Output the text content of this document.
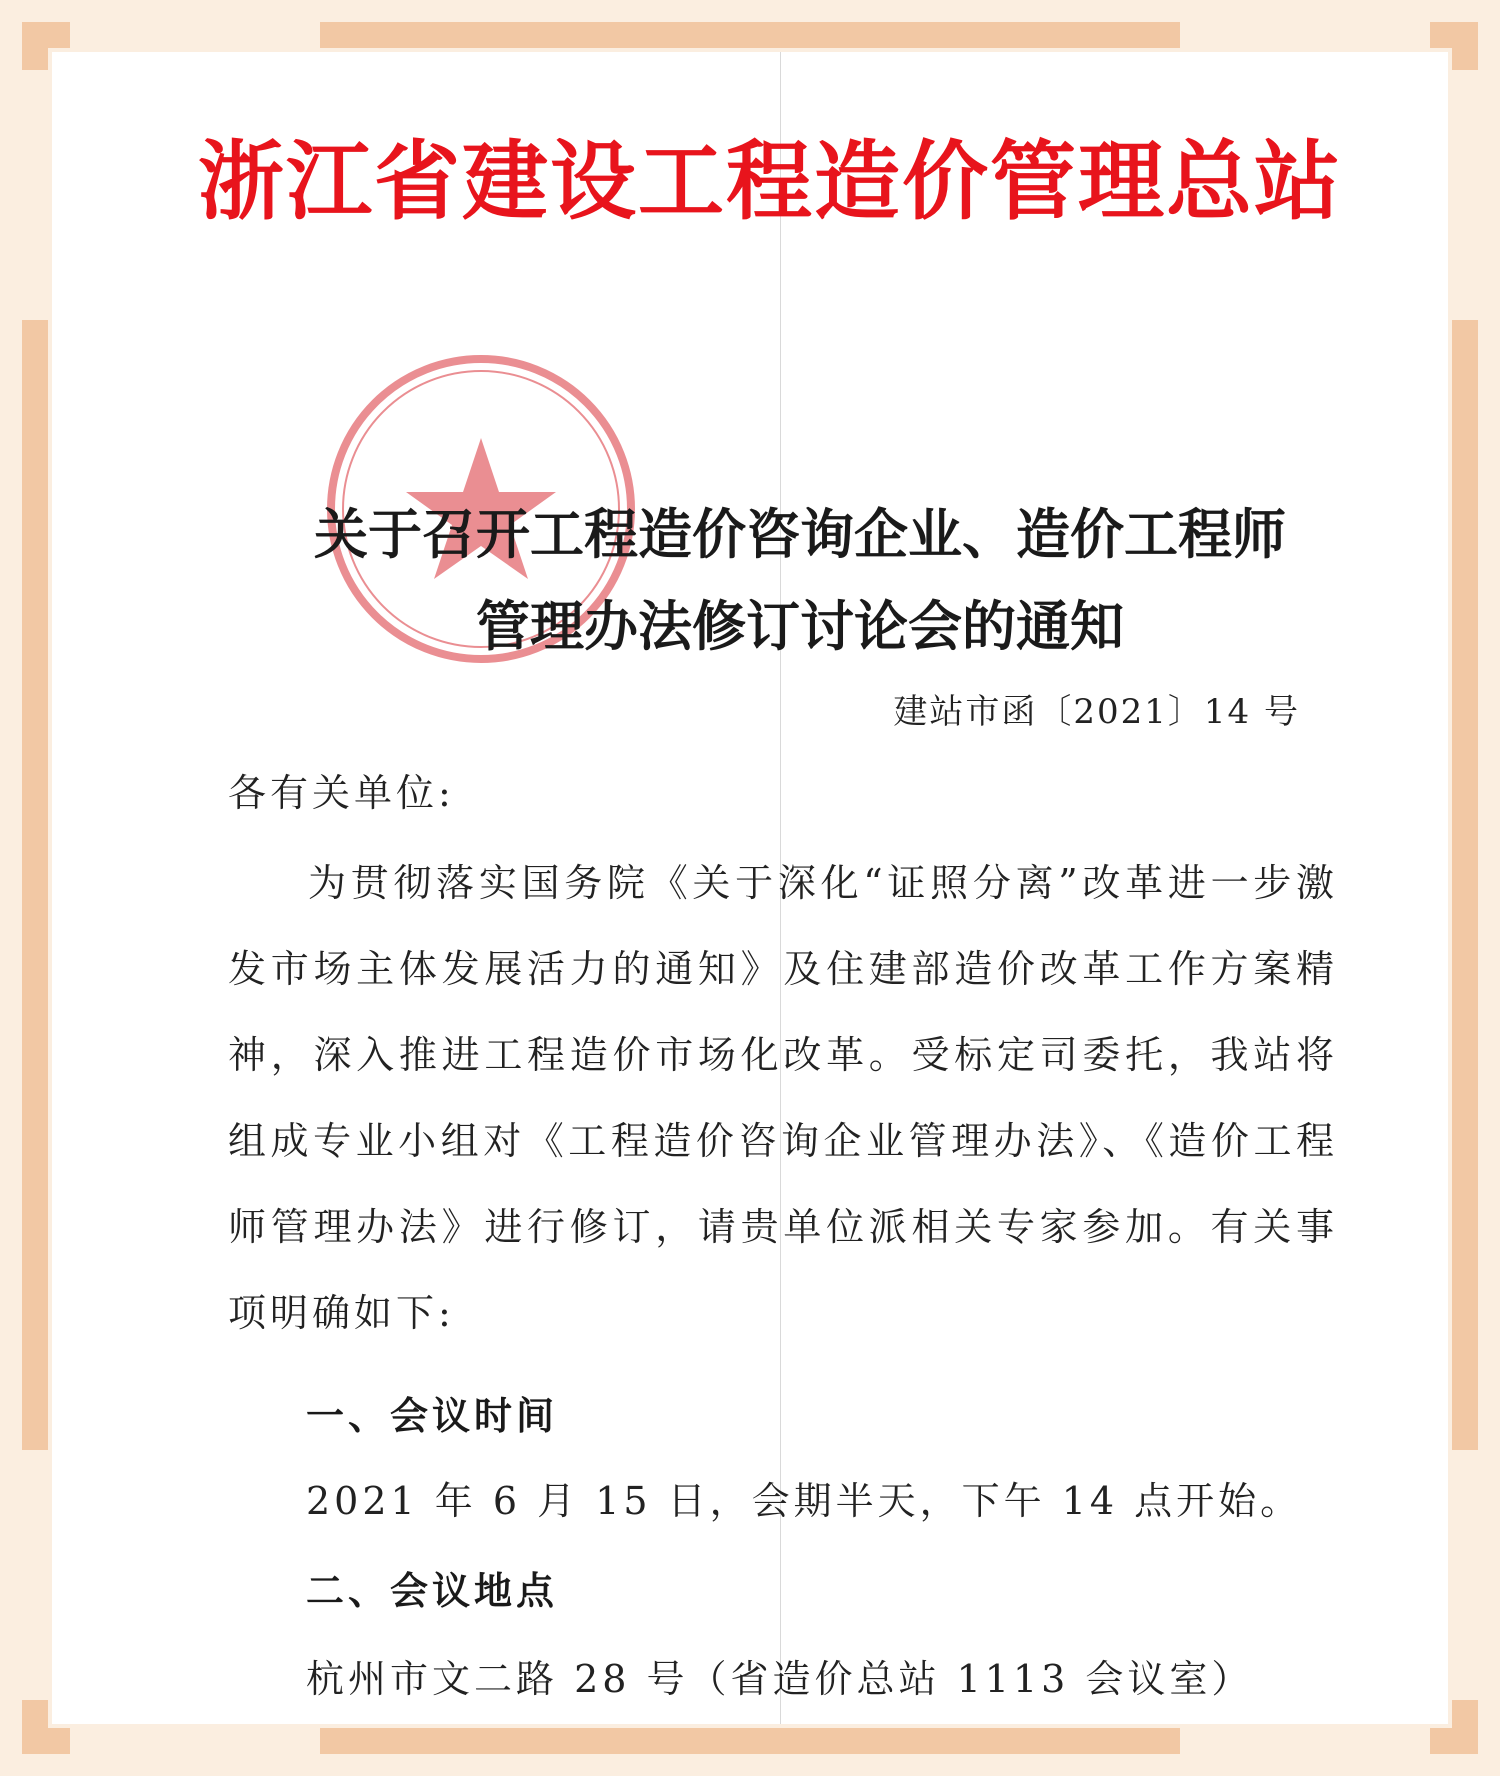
浙江省建设工程造价管理总站
关于召开工程造价咨询企业、造价工程师
管理办法修订讨论会的通知
建站市函〔2021〕14 号
各有关单位:
为贯彻落实国务院《关于深化“证照分离”改革进一步激发市场主体发展活力的通知》及住建部造价改革工作方案精神，深入推进工程造价市场化改革。受标定司委托，我站将组成专业小组对《工程造价咨询企业管理办法》、《造价工程师管理办法》进行修订，请贵单位派相关专家参加。有关事项明确如下:
一、会议时间
2021 年 6 月 15 日，会期半天，下午 14 点开始。
二、会议地点
杭州市文二路 28 号（省造价总站 1113 会议室）
